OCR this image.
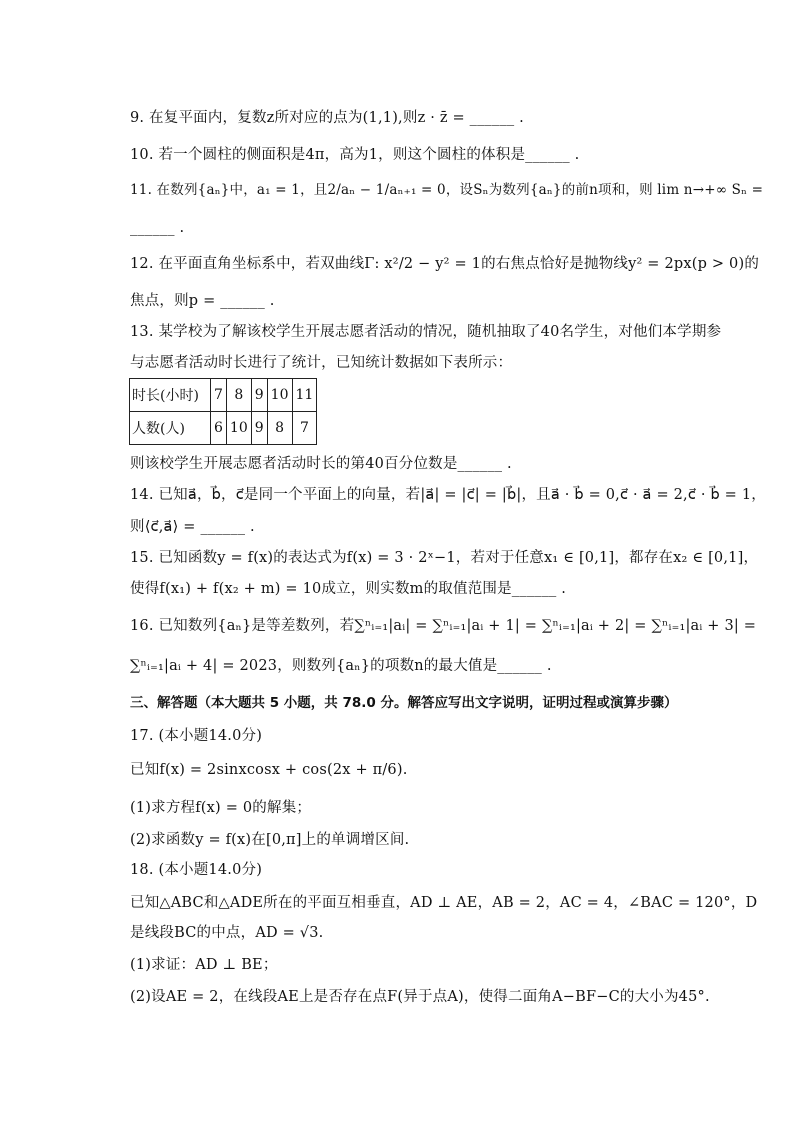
9. 在复平面内，复数z所对应的点为(1,1),则z · z̄ = ______ .
10. 若一个圆柱的侧面积是4π，高为1，则这个圆柱的体积是______ .
11. 在数列{aₙ}中，a₁ = 1，且2/aₙ − 1/aₙ₊₁ = 0，设Sₙ为数列{aₙ}的前n项和，则 lim n→+∞ Sₙ =
______ .
12. 在平面直角坐标系中，若双曲线Γ: x²/2 − y² = 1的右焦点恰好是抛物线y² = 2px(p > 0)的
焦点，则p = ______ .
13. 某学校为了解该校学生开展志愿者活动的情况，随机抽取了40名学生，对他们本学期参
与志愿者活动时长进行了统计，已知统计数据如下表所示：
则该校学生开展志愿者活动时长的第40百分位数是______ .
14. 已知a⃗，b⃗，c⃗是同一个平面上的向量，若|a⃗| = |c⃗| = |b⃗|，且a⃗ · b⃗ = 0,c⃗ · a⃗ = 2,c⃗ · b⃗ = 1，
则⟨c⃗,a⃗⟩ = ______ .
15. 已知函数y = f(x)的表达式为f(x) = 3 · 2ˣ−1，若对于任意x₁ ∈ [0,1]，都存在x₂ ∈ [0,1]，
使得f(x₁) + f(x₂ + m) = 10成立，则实数m的取值范围是______ .
16. 已知数列{aₙ}是等差数列，若∑ⁿᵢ₌₁|aᵢ| = ∑ⁿᵢ₌₁|aᵢ + 1| = ∑ⁿᵢ₌₁|aᵢ + 2| = ∑ⁿᵢ₌₁|aᵢ + 3| =
∑ⁿᵢ₌₁|aᵢ + 4| = 2023，则数列{aₙ}的项数n的最大值是______ .
17. (本小题14.0分)
已知f(x) = 2sinxcosx + cos(2x + π/6).
(1)求方程f(x) = 0的解集；
(2)求函数y = f(x)在[0,π]上的单调增区间.
18. (本小题14.0分)
已知△ABC和△ADE所在的平面互相垂直，AD ⊥ AE，AB = 2，AC = 4，∠BAC = 120°，D
是线段BC的中点，AD = √3.
(1)求证：AD ⊥ BE；
(2)设AE = 2，在线段AE上是否存在点F(异于点A)，使得二面角A−BF−C的大小为45°.
三、解答题（本大题共 5 小题，共 78.0 分。解答应写出文字说明，证明过程或演算步骤）
时长(小时)	7	8	9	10	11
人数(人)	6	10	9	8	7
